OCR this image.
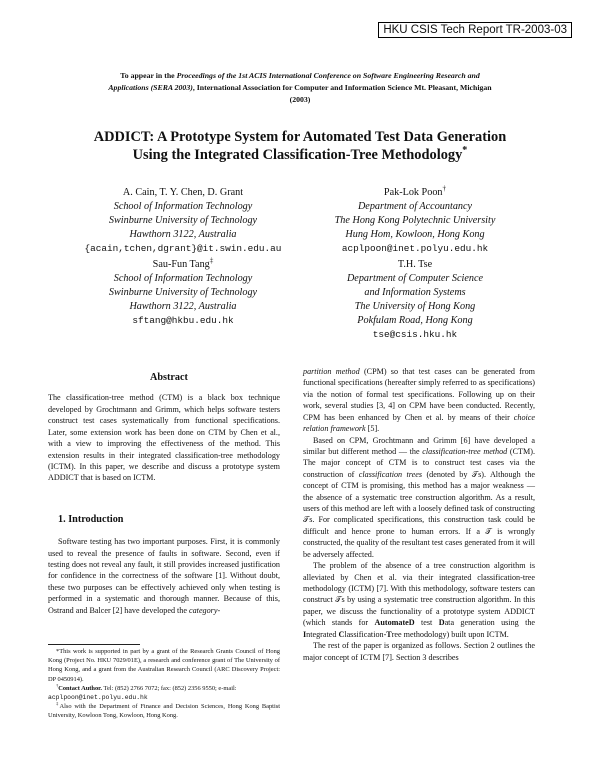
HKU CSIS Tech Report TR-2003-03
To appear in the Proceedings of the 1st ACIS International Conference on Software Engineering Research and Applications (SERA 2003), International Association for Computer and Information Science Mt. Pleasant, Michigan (2003)
ADDICT: A Prototype System for Automated Test Data Generation
Using the Integrated Classification-Tree Methodology*
A. Cain, T. Y. Chen, D. Grant
School of Information Technology
Swinburne University of Technology
Hawthorn 3122, Australia
{acain,tchen,dgrant}@it.swin.edu.au
Pak-Lok Poon†
Department of Accountancy
The Hong Kong Polytechnic University
Hung Hom, Kowloon, Hong Kong
acplpoon@inet.polyu.edu.hk
Sau-Fun Tang‡
School of Information Technology
Swinburne University of Technology
Hawthorn 3122, Australia
sftang@hkbu.edu.hk
T.H. Tse
Department of Computer Science
and Information Systems
The University of Hong Kong
Pokfulam Road, Hong Kong
tse@csis.hku.hk

Abstract

The classification-tree method (CTM) is a black box technique developed by Grochtmann and Grimm, which helps software testers construct test cases systematically from functional specifications. Later, some extension work has been done on CTM by Chen et al., with a view to improving the effectiveness of the method. This extension results in their integrated classification-tree methodology (ICTM). In this paper, we describe and discuss a prototype system ADDICT that is based on ICTM.

1. Introduction

Software testing has two important purposes. First, it is commonly used to reveal the presence of faults in software. Second, even if testing does not reveal any fault, it still provides increased justification for confidence in the correctness of the software [1]. Without doubt, these two purposes can be effectively achieved only when testing is performed in a systematic and thorough manner. Because of this, Ostrand and Balcer [2] have developed the category-

*This work is supported in part by a grant of the Research Grants Council of Hong Kong (Project No. HKU 7029/01E), a research and conference grant of The University of Hong Kong, and a grant from the Australian Research Council (ARC Discovery Project: DP 0450914).

†Contact Author. Tel: (852) 2766 7072; fax: (852) 2356 9550; e-mail:

acplpoon@inet.polyu.edu.hk

‡Also with the Department of Finance and Decision Sciences, Hong Kong Baptist University, Kowloon Tong, Kowloon, Hong Kong.

partition method (CPM) so that test cases can be generated from functional specifications (hereafter simply referred to as specifications) via the notion of formal test specifications. Following up on their work, several studies [3, 4] on CPM have been conducted. Recently, CPM has been enhanced by Chen et al. by means of their choice relation framework [5].

Based on CPM, Grochtmann and Grimm [6] have developed a similar but different method — the classification-tree method (CTM). The major concept of CTM is to construct test cases via the construction of classification trees (denoted by 𝒯s). Although the concept of CTM is promising, this method has a major weakness — the absence of a systematic tree construction algorithm. As a result, users of this method are left with a loosely defined task of constructing 𝒯s. For complicated specifications, this construction task could be difficult and hence prone to human errors. If a 𝒯 is wrongly constructed, the quality of the resultant test cases generated from it will be adversely affected.

The problem of the absence of a tree construction algorithm is alleviated by Chen et al. via their integrated classification-tree methodology (ICTM) [7]. With this methodology, software testers can construct 𝒯s by using a systematic tree construction algorithm. In this paper, we discuss the functionality of a prototype system ADDICT (which stands for AutomateD test Data generation using the Integrated Classification-Tree methodology) built upon ICTM.

The rest of the paper is organized as follows. Section 2 outlines the major concept of ICTM [7]. Section 3 describes
